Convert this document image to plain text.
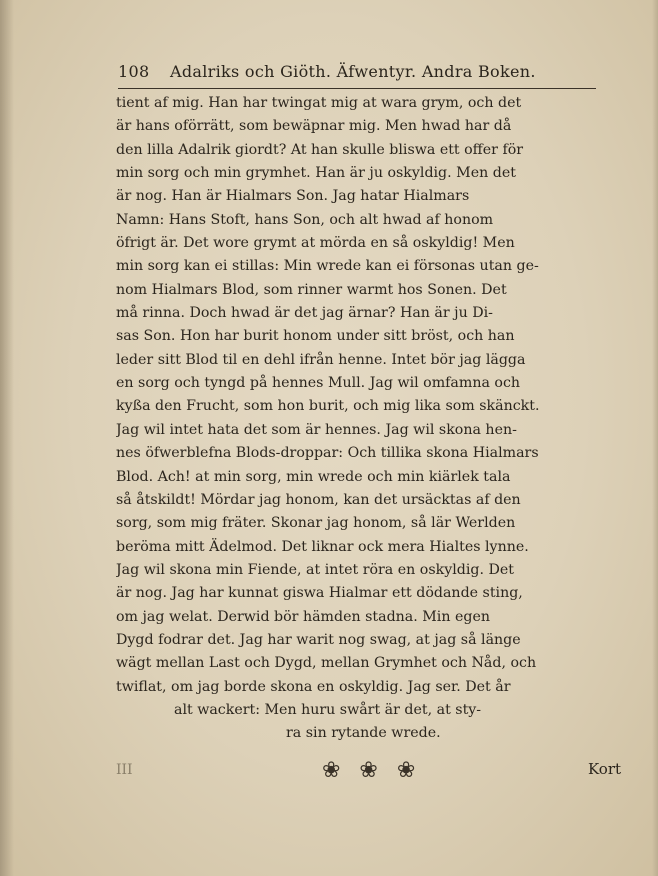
108 Adalriks och Giöth. Äfwentyr. Andra Boken.
tient af mig. Han har twingat mig at wara grym, och det
är hans oförrätt, som bewäpnar mig. Men hwad har då
den lilla Adalrik giordt? At han skulle bliswa ett offer för
min sorg och min grymhet. Han är ju oskyldig. Men det
är nog. Han är Hialmars Son. Jag hatar Hialmars
Namn: Hans Stoft, hans Son, och alt hwad af honom
öfrigt är. Det wore grymt at mörda en så oskyldig! Men
min sorg kan ei stillas: Min wrede kan ei försonas utan ge-
nom Hialmars Blod, som rinner warmt hos Sonen. Det
må rinna. Doch hwad är det jag ärnar? Han är ju Di-
sas Son. Hon har burit honom under sitt bröst, och han
leder sitt Blod til en dehl ifrån henne. Intet bör jag lägga
en sorg och tyngd på hennes Mull. Jag wil omfamna och
kyßa den Frucht, som hon burit, och mig lika som skänckt.
Jag wil intet hata det som är hennes. Jag wil skona hen-
nes öfwerblefna Blods-droppar: Och tillika skona Hialmars
Blod. Ach! at min sorg, min wrede och min kiärlek tala
så åtskildt! Mördar jag honom, kan det ursäcktas af den
sorg, som mig fräter. Skonar jag honom, så lär Werlden
beröma mitt Ädelmod. Det liknar ock mera Hialtes lynne.
Jag wil skona min Fiende, at intet röra en oskyldig. Det
är nog. Jag har kunnat giswa Hialmar ett dödande sting,
om jag welat. Derwid bör hämden stadna. Min egen
Dygd fodrar det. Jag har warit nog swag, at jag så länge
wägt mellan Last och Dygd, mellan Grymhet och Nåd, och
twiflat, om jag borde skona en oskyldig. Jag ser. Det år
alt wackert: Men huru swårt är det, at sty-
ra sin rytande wrede.
III	❀ ❀ ❀	Kort
